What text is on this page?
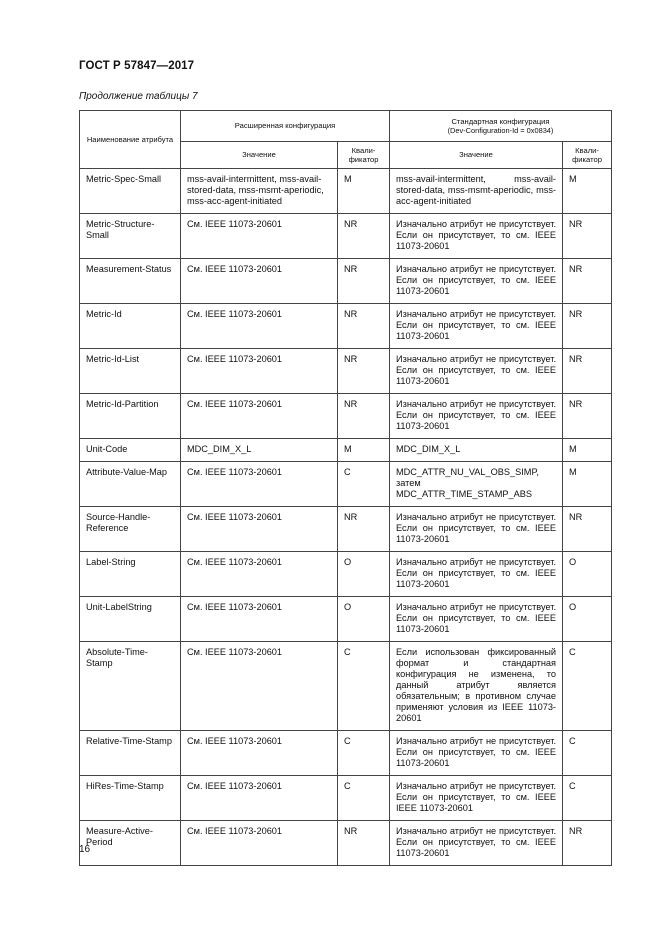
ГОСТ Р 57847—2017
Продолжение таблицы 7
Наименование атрибута	Расширенная конфигурация		Стандартная конфигурация
(Dev-Configuration-Id = 0x0834)	

	Значение	Квали-фикатор	Значение	Квали-фикатор
Metric-Spec-Small	mss-avail-intermittent, mss-avail-stored-data, mss-msmt-aperiodic, mss-acc-agent-initiated	M	mss-avail-intermittent, mss-avail-stored-data, mss-msmt-aperiodic, mss-acc-agent-initiated	M
Metric-Structure-Small	См. IEEE 11073-20601	NR	Изначально атрибут не присутствует. Если он присутствует, то см. IEEE 11073-20601	NR
Measurement-Status	См. IEEE 11073-20601	NR	Изначально атрибут не присутствует. Если он присутствует, то см. IEEE 11073-20601	NR
Metric-Id	См. IEEE 11073-20601	NR	Изначально атрибут не присутствует. Если он присутствует, то см. IEEE 11073-20601	NR
Metric-Id-List	См. IEEE 11073-20601	NR	Изначально атрибут не присутствует. Если он присутствует, то см. IEEE 11073-20601	NR
Metric-Id-Partition	См. IEEE 11073-20601	NR	Изначально атрибут не присутствует. Если он присутствует, то см. IEEE 11073-20601	NR
Unit-Code	MDC_DIM_X_L	M	MDC_DIM_X_L	M
Attribute-Value-Map	См. IEEE 11073-20601	C	MDC_ATTR_NU_VAL_OBS_SIMP, затем MDC_ATTR_TIME_STAMP_ABS	M
Source-Handle-Reference	См. IEEE 11073-20601	NR	Изначально атрибут не присутствует. Если он присутствует, то см. IEEE 11073-20601	NR
Label-String	См. IEEE 11073-20601	O	Изначально атрибут не присутствует. Если он присутствует, то см. IEEE 11073-20601	O
Unit-LabelString	См. IEEE 11073-20601	O	Изначально атрибут не присутствует. Если он присутствует, то см. IEEE 11073-20601	O
Absolute-Time-Stamp	См. IEEE 11073-20601	C	Если использован фиксированный формат и стандартная конфигурация не изменена, то данный атрибут является обязательным; в противном случае применяют условия из IEEE 11073-20601	C
Relative-Time-Stamp	См. IEEE 11073-20601	C	Изначально атрибут не присутствует. Если он присутствует, то см. IEEE 11073-20601	C
HiRes-Time-Stamp	См. IEEE 11073-20601	C	Изначально атрибут не присутствует. Если он присутствует, то см. IEEE IEEE 11073-20601	C
Measure-Active-Period	См. IEEE 11073-20601	NR	Изначально атрибут не присутствует. Если он присутствует, то см. IEEE 11073-20601	NR
16
